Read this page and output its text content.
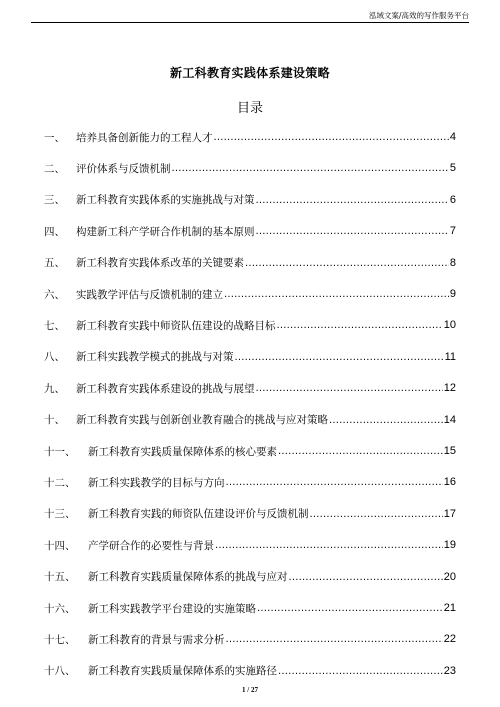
泓域文案/高效的写作服务平台
新工科教育实践体系建设策略
目录
一、	培养具备创新能力的工程人才 .....	4
二、	评价体系与反馈机制 .....	5
三、	新工科教育实践体系的实施挑战与对策 .....	6
四、	构建新工科产学研合作机制的基本原则 .....	7
五、	新工科教育实践体系改革的关键要素 .....	8
六、	实践教学评估与反馈机制的建立 .....	9
七、	新工科教育实践中师资队伍建设的战略目标 .....	10
八、	新工科实践教学模式的挑战与对策 .....	11
九、	新工科教育实践体系建设的挑战与展望 .....	12
十、	新工科教育实践与创新创业教育融合的挑战与应对策略 .....	14
十一、	新工科教育实践质量保障体系的核心要素 .....	15
十二、	新工科实践教学的目标与方向 .....	16
十三、	新工科教育实践的师资队伍建设评价与反馈机制 .....	17
十四、	产学研合作的必要性与背景 .....	19
十五、	新工科教育实践质量保障体系的挑战与应对 .....	20
十六、	新工科实践教学平台建设的实施策略 .....	21
十七、	新工科教育的背景与需求分析 .....	22
十八、	新工科教育实践质量保障体系的实施路径 .....	23
1 / 27
